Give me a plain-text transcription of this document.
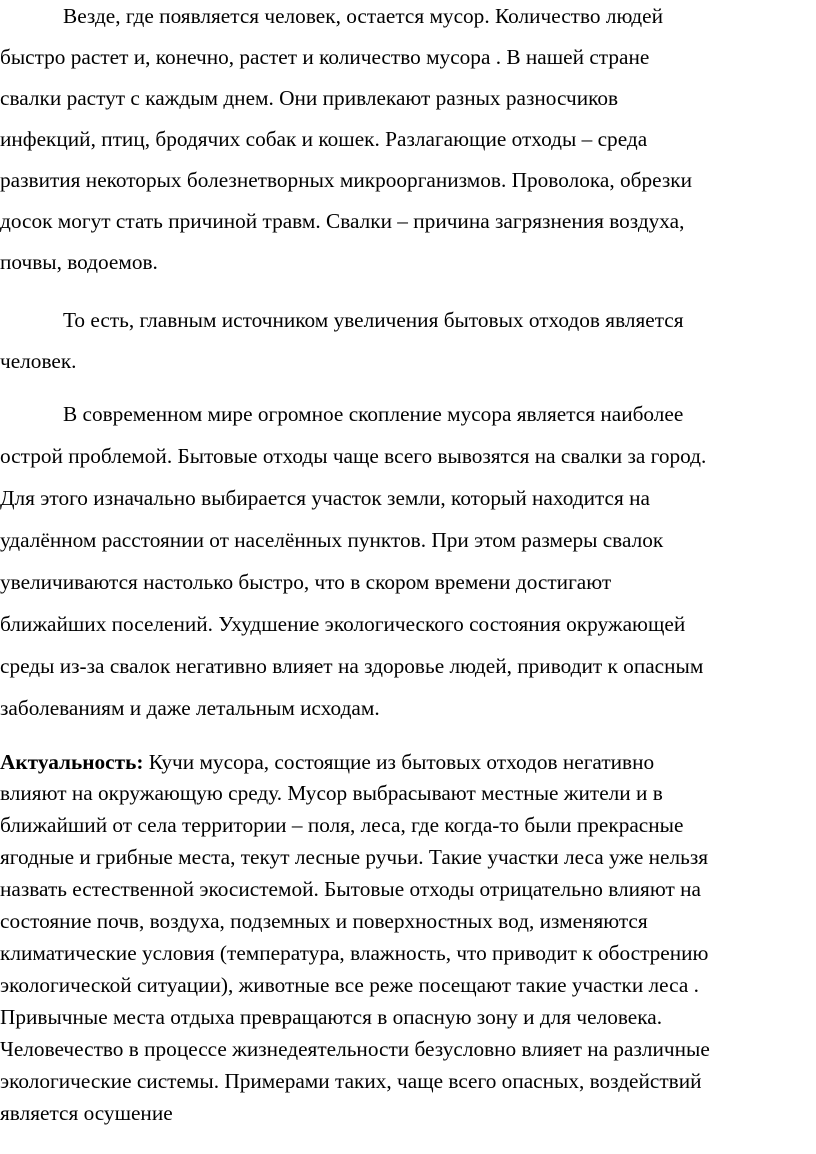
Везде, где появляется человек, остается мусор. Количество людей
быстро растет и, конечно, растет и количество мусора . В нашей стране
свалки растут с каждым днем. Они привлекают разных разносчиков
инфекций, птиц, бродячих собак и кошек. Разлагающие отходы – среда
развития некоторых болезнетворных микроорганизмов. Проволока, обрезки
досок могут стать причиной травм. Свалки – причина загрязнения воздуха,
почвы, водоемов.
То есть, главным источником увеличения бытовых отходов является
человек.
В современном мире огромное скопление мусора является наиболее
острой проблемой. Бытовые отходы чаще всего вывозятся на свалки за город.
Для этого изначально выбирается участок земли, который находится на
удалённом расстоянии от населённых пунктов. При этом размеры свалок
увеличиваются настолько быстро, что в скором времени достигают
ближайших поселений. Ухудшение экологического состояния окружающей
среды из-за свалок негативно влияет на здоровье людей, приводит к опасным
заболеваниям и даже летальным исходам.
Актуальность: Кучи мусора, состоящие из бытовых отходов негативно
влияют на окружающую среду. Мусор выбрасывают местные жители и в
ближайший от села территории – поля, леса, где когда-то были прекрасные
ягодные и грибные места, текут лесные ручьи. Такие участки леса уже нельзя
назвать естественной экосистемой. Бытовые отходы отрицательно влияют на
состояние почв, воздуха, подземных и поверхностных вод, изменяются
климатические условия (температура, влажность, что приводит к обострению
экологической ситуации), животные все реже посещают такие участки леса .
Привычные места отдыха превращаются в опасную зону и для человека.
Человечество в процессе жизнедеятельности безусловно влияет на различные
экологические системы. Примерами таких, чаще всего опасных, воздействий
является осушение
